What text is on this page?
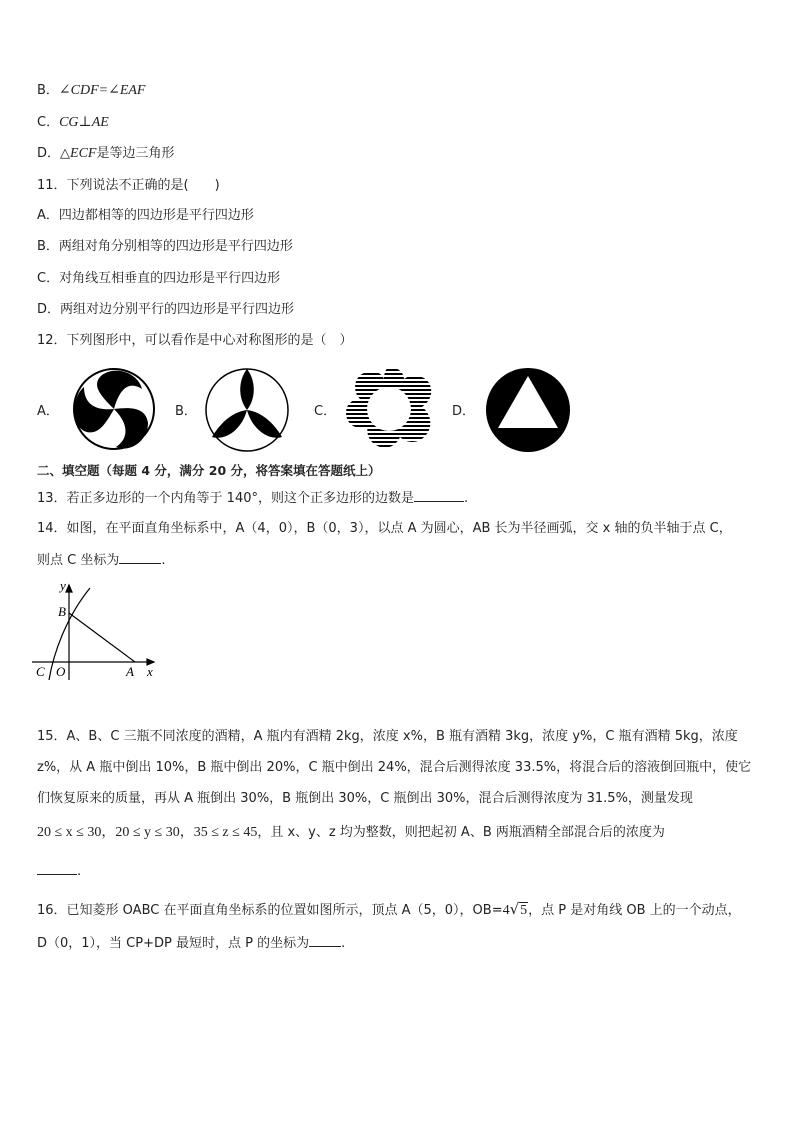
B．∠CDF=∠EAF
C．CG⊥AE
D．△ECF是等边三角形
11．下列说法不正确的是(　　)
A．四边都相等的四边形是平行四边形
B．两组对角分别相等的四边形是平行四边形
C．对角线互相垂直的四边形是平行四边形
D．两组对边分别平行的四边形是平行四边形
12．下列图形中，可以看作是中心对称图形的是（　）
A．	B．	C．	D．
二、填空题（每题 4 分，满分 20 分，将答案填在答题纸上）
13．若正多边形的一个内角等于 140°，则这个正多边形的边数是	.
14．如图，在平面直角坐标系中，A（4，0），B（0，3），以点 A 为圆心，AB 长为半径画弧，交 x 轴的负半轴于点 C，
则点 C 坐标为	.
y
x
B
C O	A
15．A、B、C 三瓶不同浓度的酒精，A 瓶内有酒精 2kg，浓度 x%，B 瓶有酒精 3kg，浓度 y%，C 瓶有酒精 5kg，浓度
z%，从 A 瓶中倒出 10%，B 瓶中倒出 20%，C 瓶中倒出 24%，混合后测得浓度 33.5%，将混合后的溶液倒回瓶中，使它
们恢复原来的质量，再从 A 瓶倒出 30%，B 瓶倒出 30%，C 瓶倒出 30%，混合后测得浓度为 31.5%，测量发现
20 ≤ x ≤ 30，20 ≤ y ≤ 30，35 ≤ z ≤ 45，且 x、y、z 均为整数，则把起初 A、B 两瓶酒精全部混合后的浓度为
.
16．已知菱形 OABC 在平面直角坐标系的位置如图所示，顶点 A（5，0），OB=4√5，点 P 是对角线 OB 上的一个动点，
D（0，1），当 CP+DP 最短时，点 P 的坐标为 .
